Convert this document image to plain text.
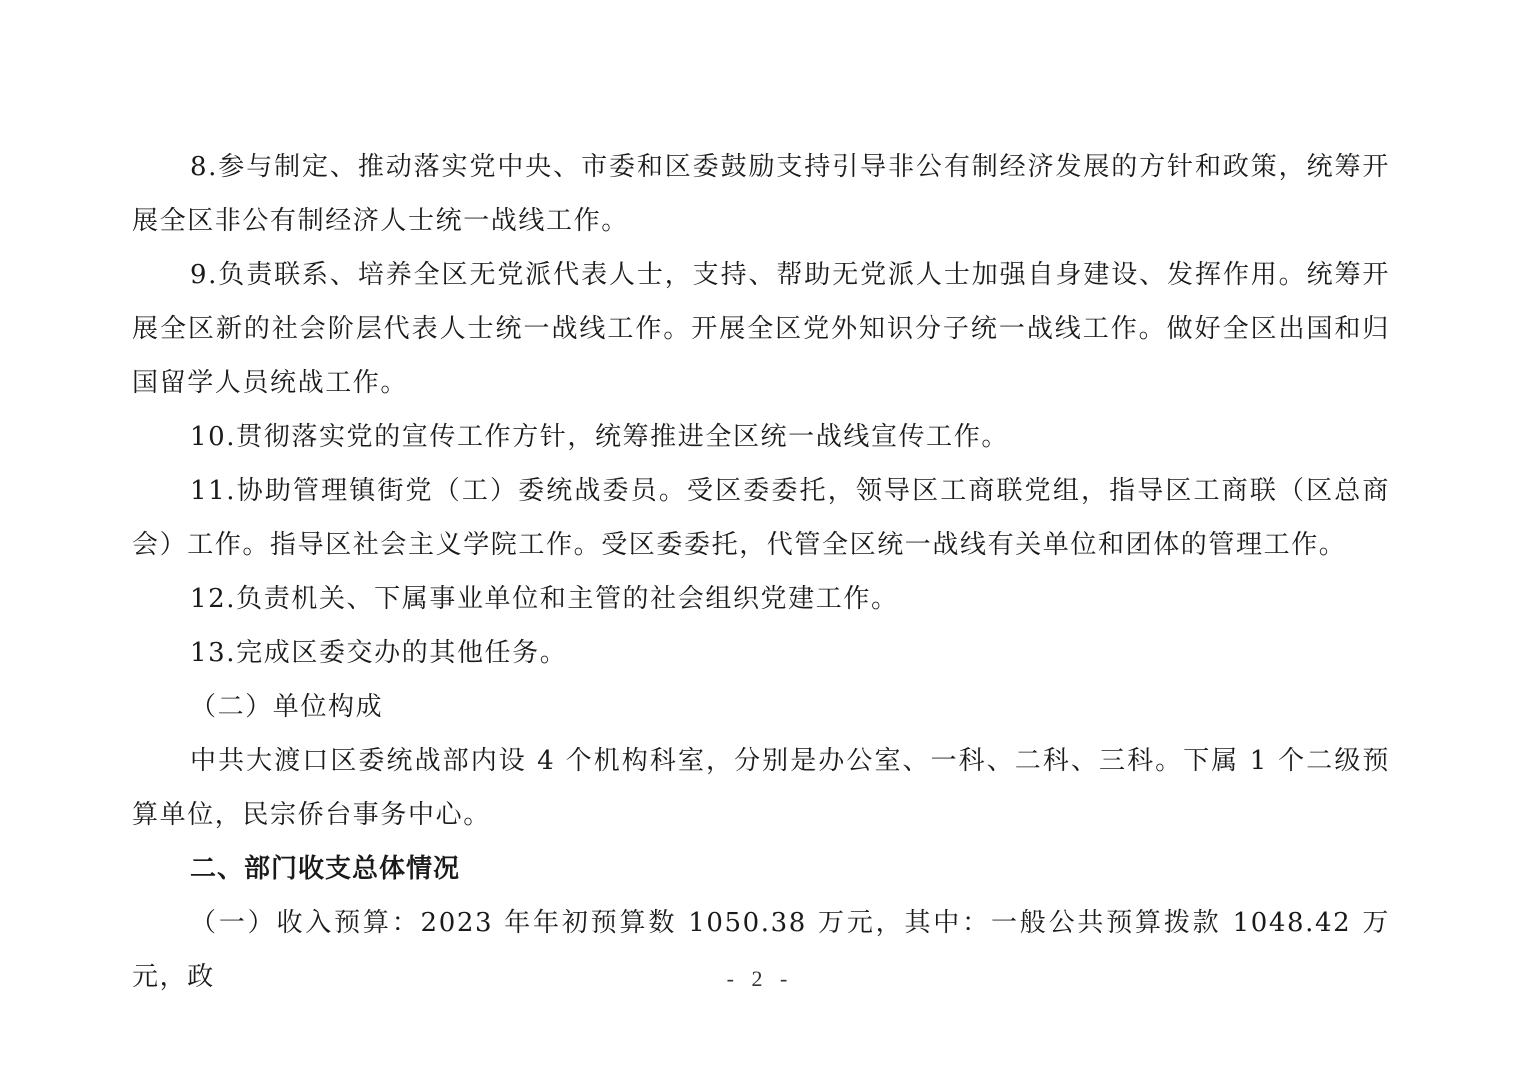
8.参与制定、推动落实党中央、市委和区委鼓励支持引导非公有制经济发展的方针和政策，统筹开展全区非公有制经济人士统一战线工作。

9.负责联系、培养全区无党派代表人士，支持、帮助无党派人士加强自身建设、发挥作用。统筹开展全区新的社会阶层代表人士统一战线工作。开展全区党外知识分子统一战线工作。做好全区出国和归国留学人员统战工作。

10.贯彻落实党的宣传工作方针，统筹推进全区统一战线宣传工作。

11.协助管理镇街党（工）委统战委员。受区委委托，领导区工商联党组，指导区工商联（区总商会）工作。指导区社会主义学院工作。受区委委托，代管全区统一战线有关单位和团体的管理工作。

12.负责机关、下属事业单位和主管的社会组织党建工作。

13.完成区委交办的其他任务。

（二）单位构成

中共大渡口区委统战部内设 4 个机构科室，分别是办公室、一科、二科、三科。下属 1 个二级预算单位，民宗侨台事务中心。

二、部门收支总体情况

（一）收入预算：2023 年年初预算数 1050.38 万元，其中：一般公共预算拨款 1048.42 万元，政	- 2 -
